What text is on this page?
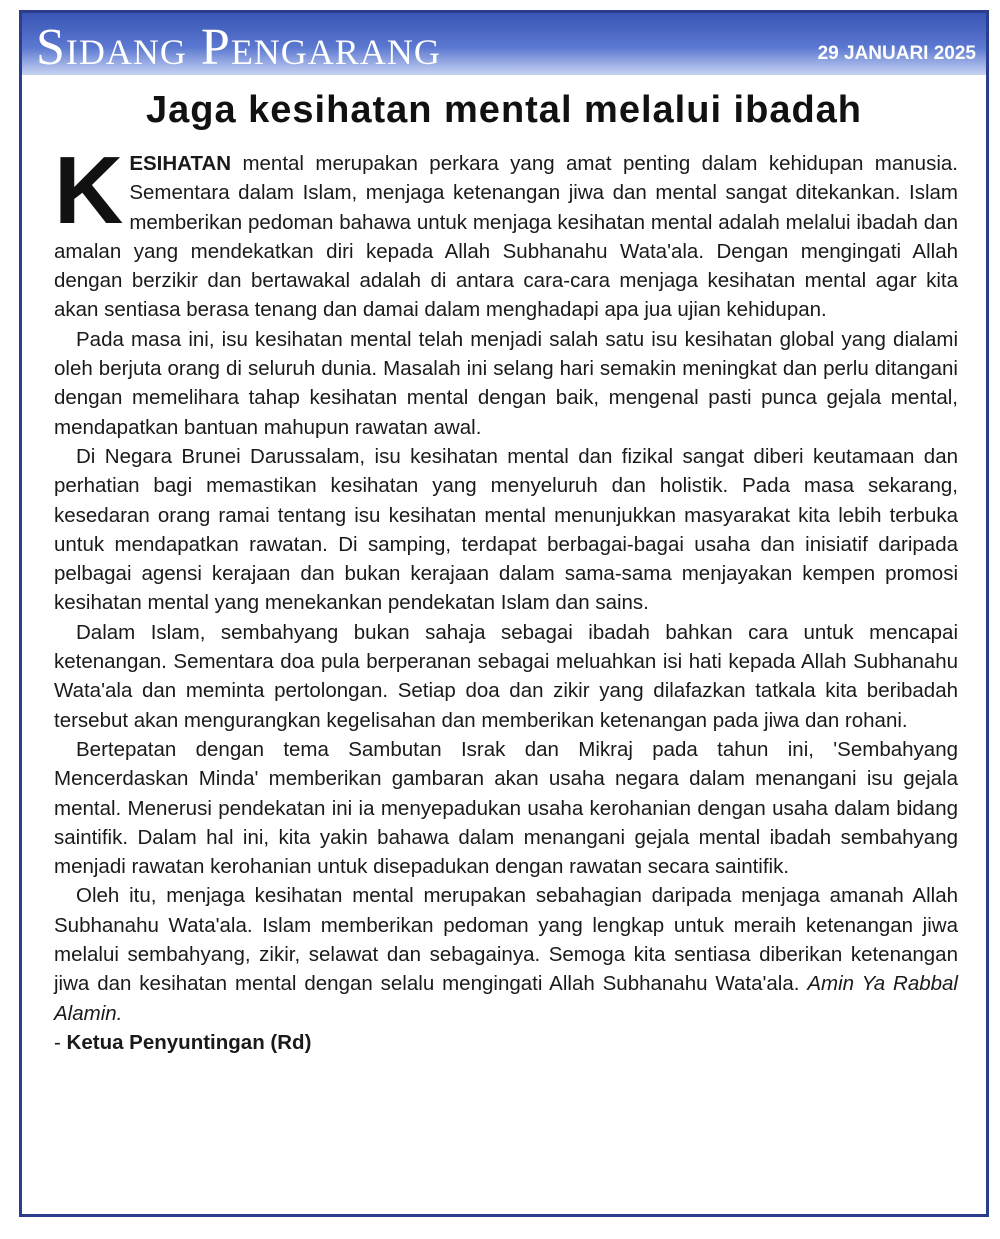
Sidang Pengarang	29 JANUARI 2025
Jaga kesihatan mental melalui ibadah

KESIHATAN mental merupakan perkara yang amat penting dalam kehidupan manusia. Sementara dalam Islam, menjaga ketenangan jiwa dan mental sangat ditekankan. Islam memberikan pedoman bahawa untuk menjaga kesihatan mental adalah melalui ibadah dan amalan yang mendekatkan diri kepada Allah Subhanahu Wata'ala. Dengan mengingati Allah dengan berzikir dan bertawakal adalah di antara cara-cara menjaga kesihatan mental agar kita akan sentiasa berasa tenang dan damai dalam menghadapi apa jua ujian kehidupan.

Pada masa ini, isu kesihatan mental telah menjadi salah satu isu kesihatan global yang dialami oleh berjuta orang di seluruh dunia. Masalah ini selang hari semakin meningkat dan perlu ditangani dengan memelihara tahap kesihatan mental dengan baik, mengenal pasti punca gejala mental, mendapatkan bantuan mahupun rawatan awal.

Di Negara Brunei Darussalam, isu kesihatan mental dan fizikal sangat diberi keutamaan dan perhatian bagi memastikan kesihatan yang menyeluruh dan holistik. Pada masa sekarang, kesedaran orang ramai tentang isu kesihatan mental menunjukkan masyarakat kita lebih terbuka untuk mendapatkan rawatan. Di samping, terdapat berbagai-bagai usaha dan inisiatif daripada pelbagai agensi kerajaan dan bukan kerajaan dalam sama-sama menjayakan kempen promosi kesihatan mental yang menekankan pendekatan Islam dan sains.

Dalam Islam, sembahyang bukan sahaja sebagai ibadah bahkan cara untuk mencapai ketenangan. Sementara doa pula berperanan sebagai meluahkan isi hati kepada Allah Subhanahu Wata'ala dan meminta pertolongan. Setiap doa dan zikir yang dilafazkan tatkala kita beribadah tersebut akan mengurangkan kegelisahan dan memberikan ketenangan pada jiwa dan rohani.

Bertepatan dengan tema Sambutan Israk dan Mikraj pada tahun ini, 'Sembahyang Mencerdaskan Minda' memberikan gambaran akan usaha negara dalam menangani isu gejala mental. Menerusi pendekatan ini ia menyepadukan usaha kerohanian dengan usaha dalam bidang saintifik. Dalam hal ini, kita yakin bahawa dalam menangani gejala mental ibadah sembahyang menjadi rawatan kerohanian untuk disepadukan dengan rawatan secara saintifik.

Oleh itu, menjaga kesihatan mental merupakan sebahagian daripada menjaga amanah Allah Subhanahu Wata'ala. Islam memberikan pedoman yang lengkap untuk meraih ketenangan jiwa melalui sembahyang, zikir, selawat dan sebagainya. Semoga kita sentiasa diberikan ketenangan jiwa dan kesihatan mental dengan selalu mengingati Allah Subhanahu Wata'ala. Amin Ya Rabbal Alamin.

- Ketua Penyuntingan (Rd)
